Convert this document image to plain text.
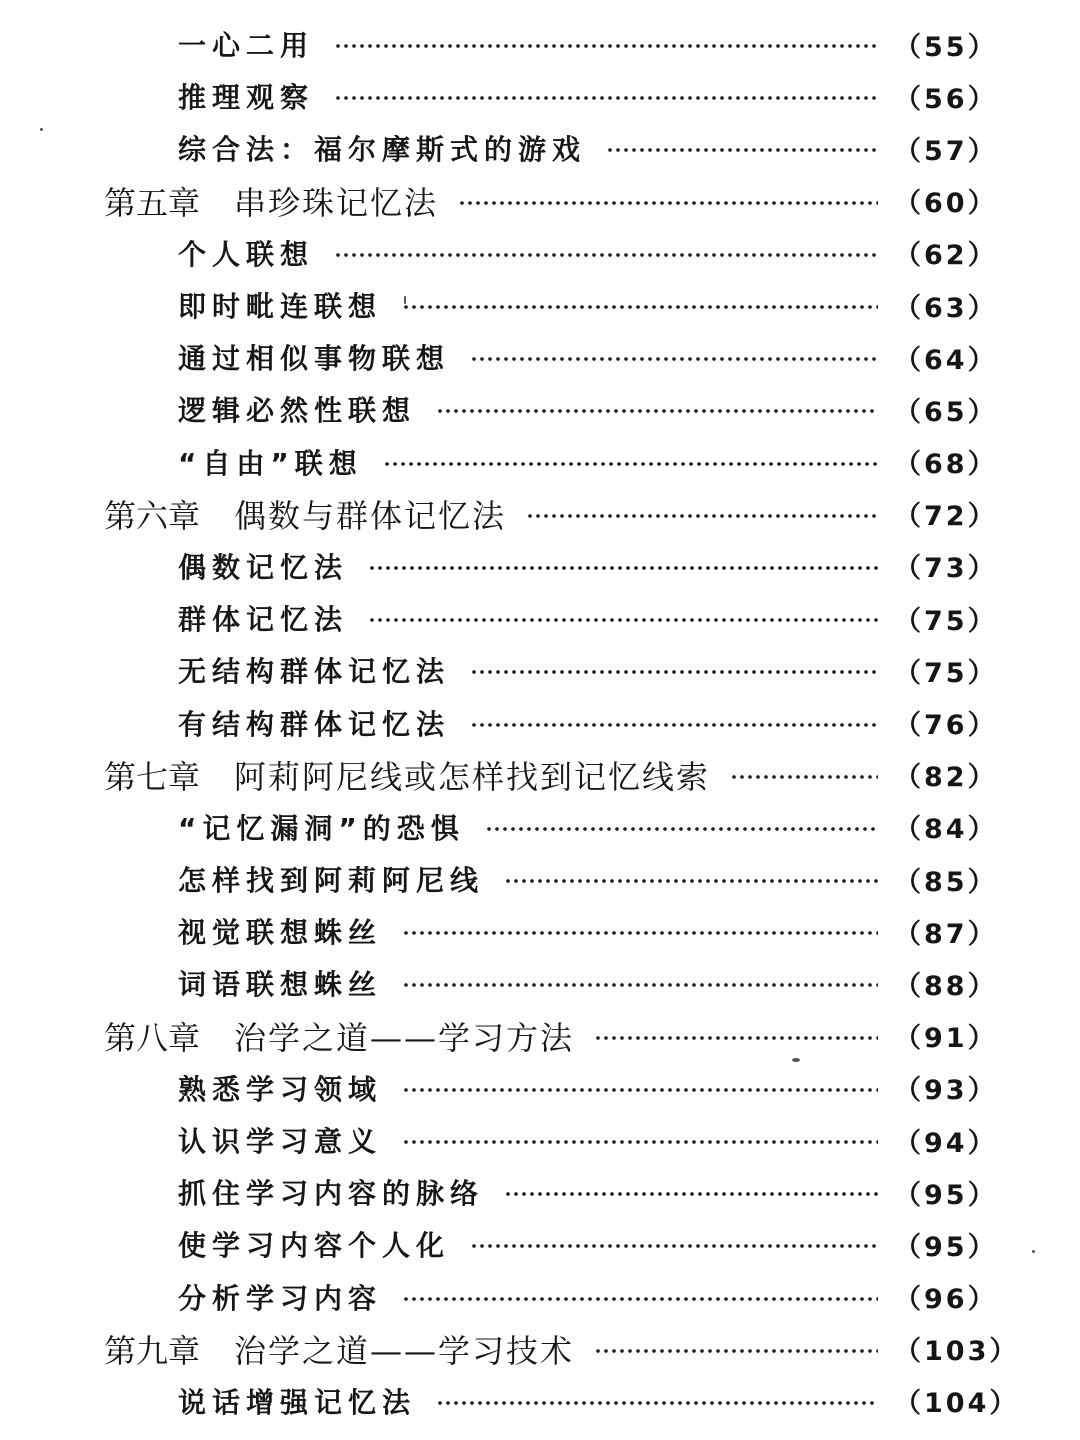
一心二用	（55）
推理观察	（56）
综合法：福尔摩斯式的游戏	（57）
第五章 串珍珠记忆法	（60）
个人联想	（62）
即时毗连联想	（63）
通过相似事物联想	（64）
逻辑必然性联想	（65）
“自由”联想	（68）
第六章 偶数与群体记忆法	（72）
偶数记忆法	（73）
群体记忆法	（75）
无结构群体记忆法	（75）
有结构群体记忆法	（76）
第七章 阿莉阿尼线或怎样找到记忆线索	（82）
“记忆漏洞”的恐惧	（84）
怎样找到阿莉阿尼线	（85）
视觉联想蛛丝	（87）
词语联想蛛丝	（88）
第八章 治学之道——学习方法	（91）
熟悉学习领域	（93）
认识学习意义	（94）
抓住学习内容的脉络	（95）
使学习内容个人化	（95）
分析学习内容	（96）
第九章 治学之道——学习技术	（103）
说话增强记忆法	（104）
